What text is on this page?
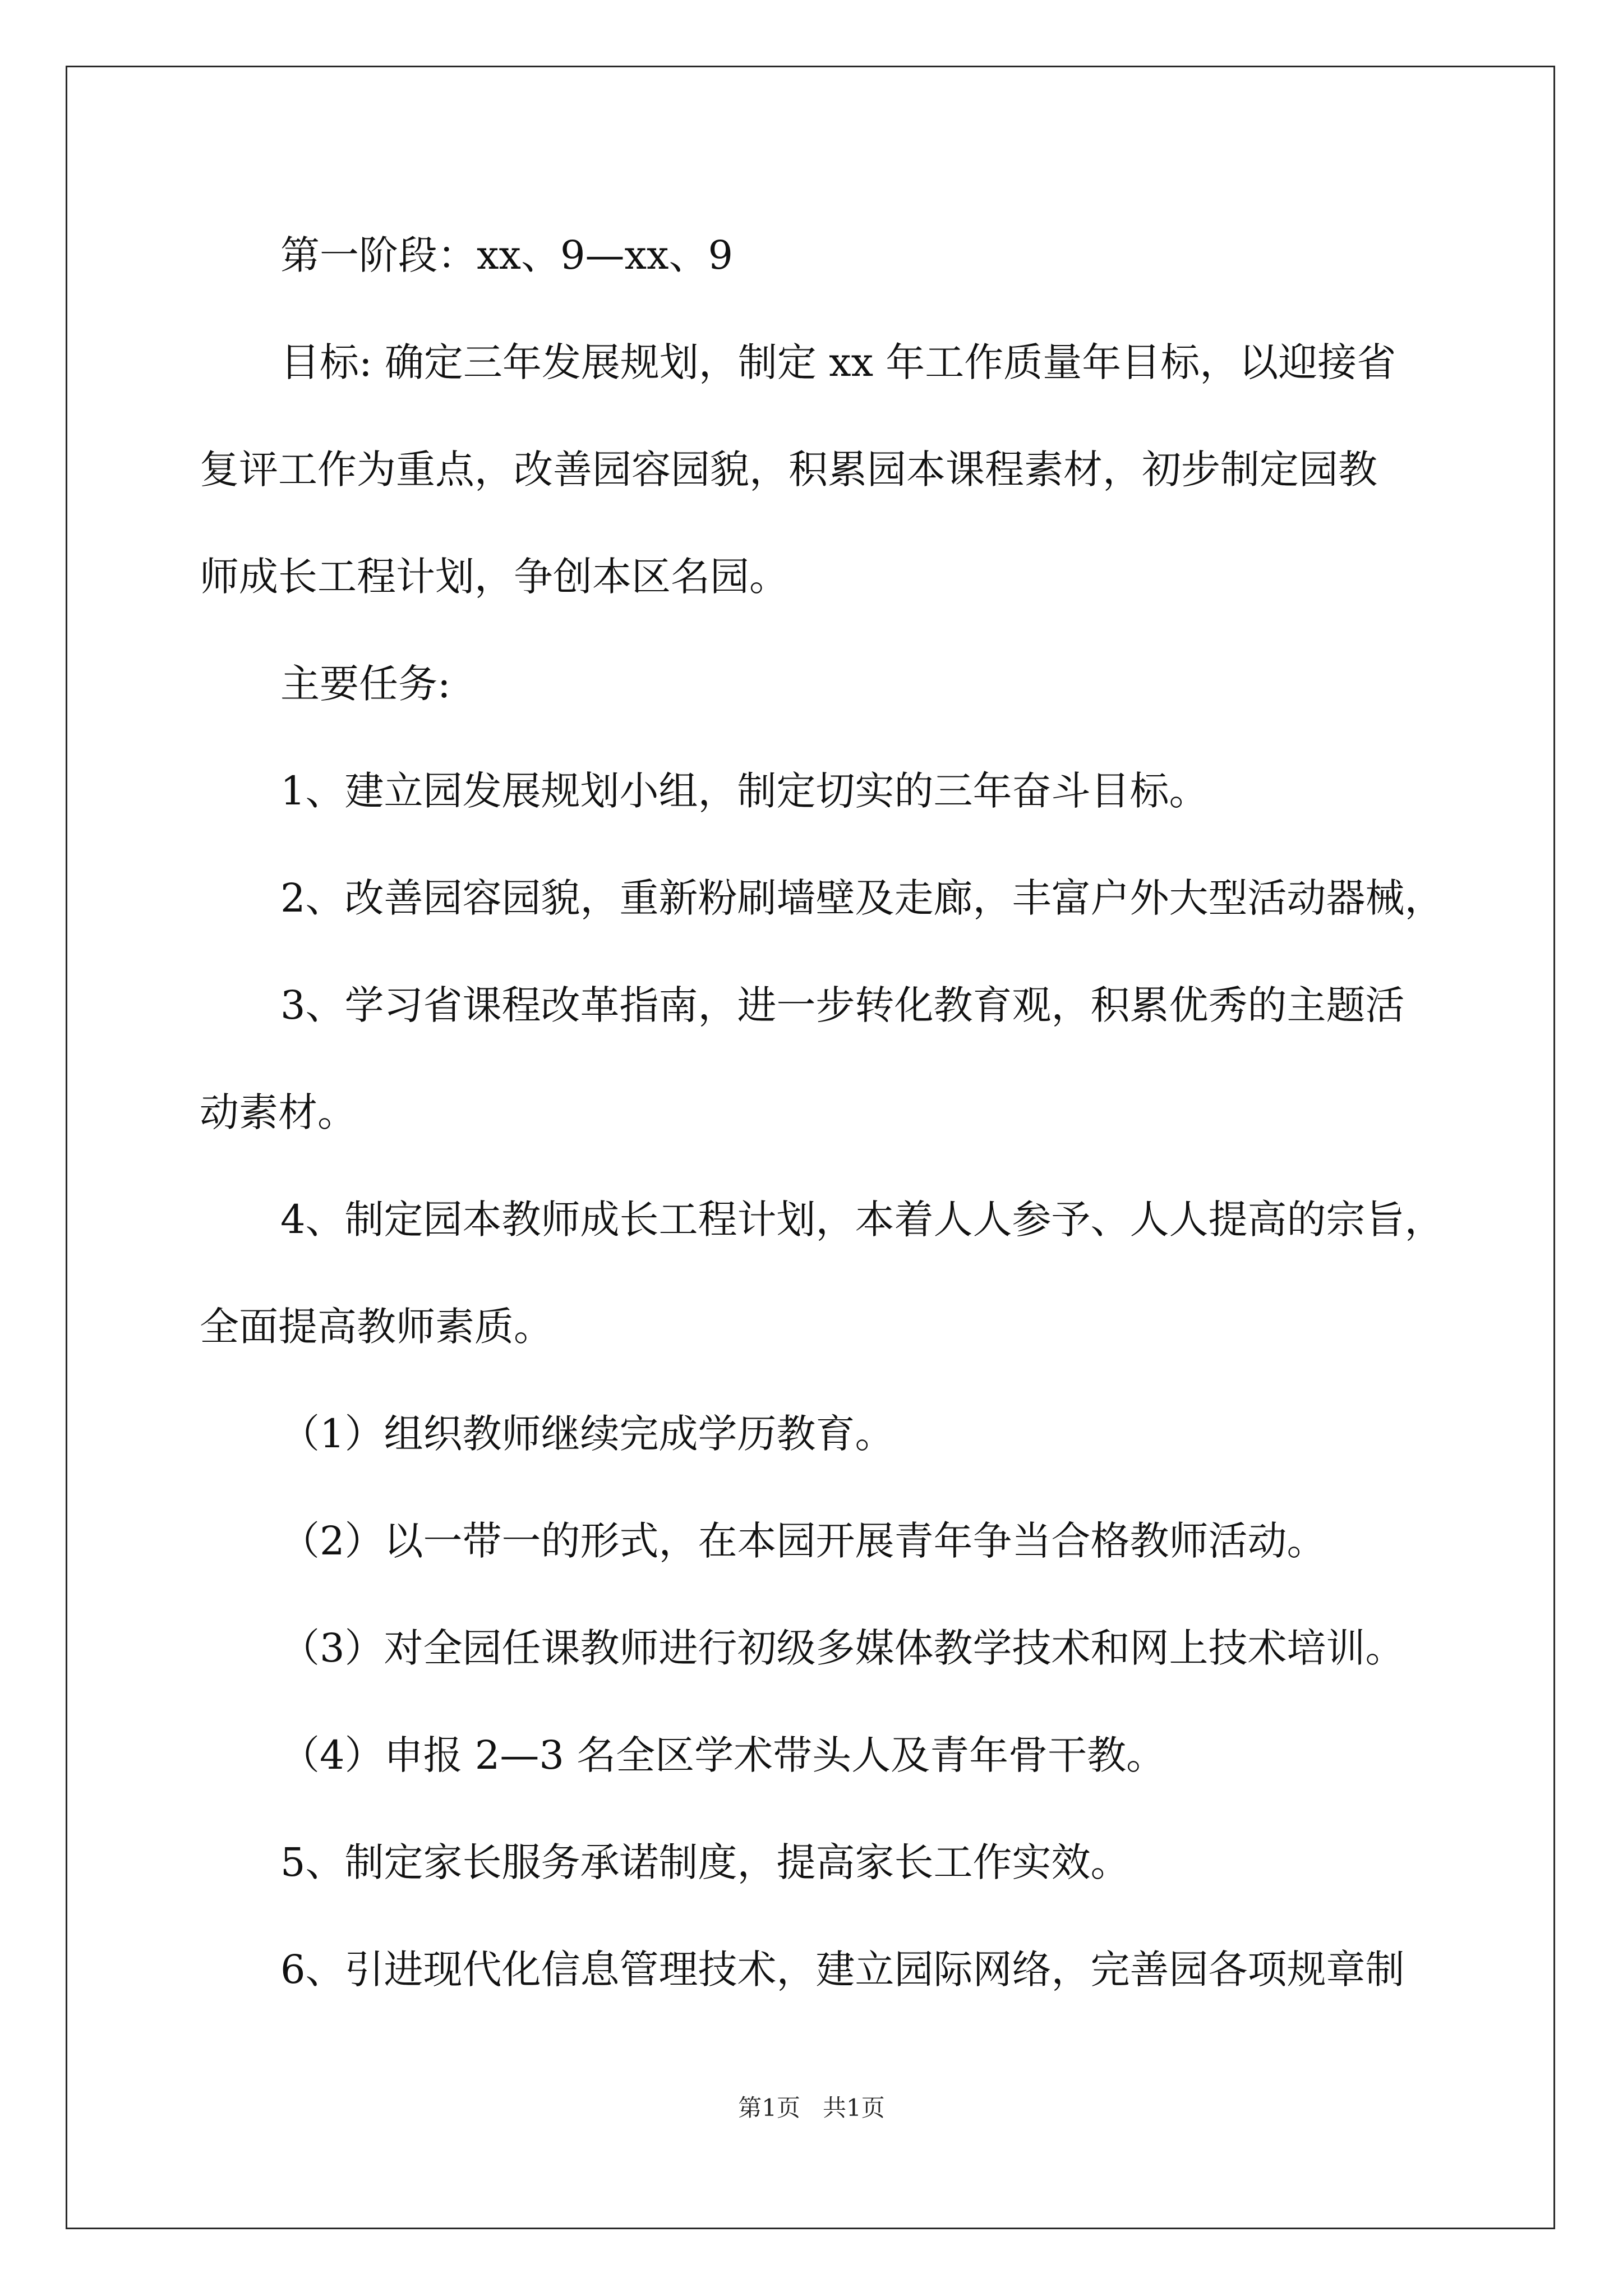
第一阶段：xx、9—xx、9
目标: 确定三年发展规划，制定 xx 年工作质量年目标，以迎接省
复评工作为重点，改善园容园貌，积累园本课程素材，初步制定园教
师成长工程计划，争创本区名园。
主要任务:
1、建立园发展规划小组，制定切实的三年奋斗目标。
2、改善园容园貌，重新粉刷墙壁及走廊，丰富户外大型活动器械，
3、学习省课程改革指南，进一步转化教育观，积累优秀的主题活
动素材。
4、制定园本教师成长工程计划，本着人人参予、人人提高的宗旨，
全面提高教师素质。
（1）组织教师继续完成学历教育。
（2）以一带一的形式，在本园开展青年争当合格教师活动。
（3）对全园任课教师进行初级多媒体教学技术和网上技术培训。
（4）申报 2—3 名全区学术带头人及青年骨干教。
5、制定家长服务承诺制度，提高家长工作实效。
6、引进现代化信息管理技术，建立园际网络，完善园各项规章制
第1页 共1页
